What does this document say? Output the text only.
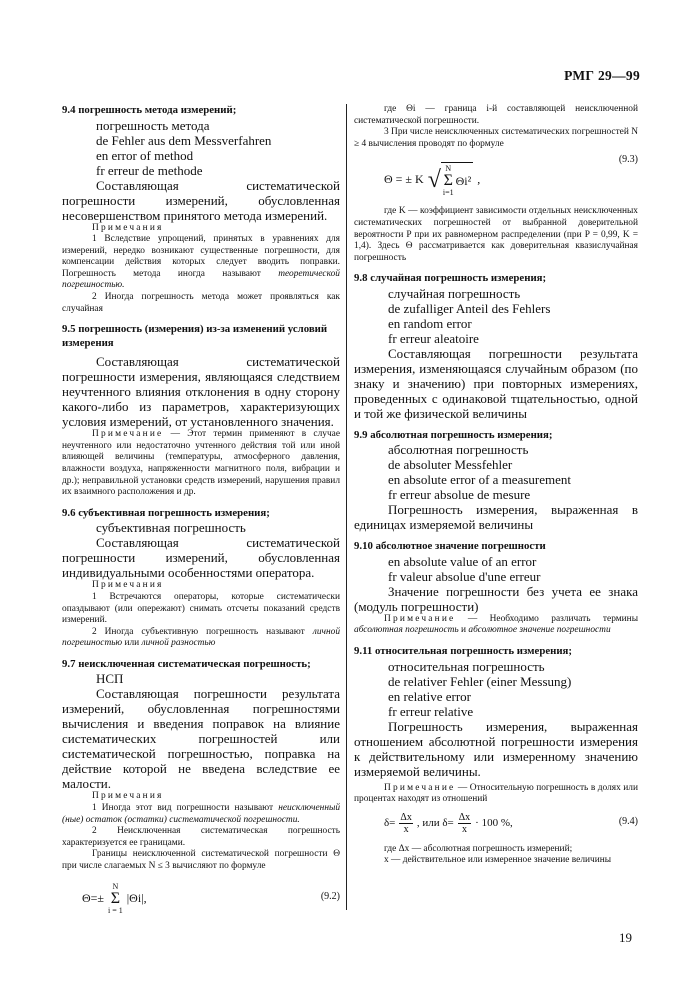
РМГ 29—99

9.4 погрешность метода измерений;

погрешность метода

de Fehler aus dem Messverfahren

en error of method

fr erreur de methode

Составляющая систематической погрешности измерений, обусловленная несовершенством принятого метода измерений.

Примечания

1 Вследствие упрощений, принятых в уравнениях для измерений, нередко возникают существенные погрешности, для компенсации действия которых следует вводить поправки. Погрешность метода иногда называют теоретической погрешностью.

2 Иногда погрешность метода может проявляться как случайная

9.5 погрешность (измерения) из-за изменений условий измерения

Составляющая систематической погрешности измерения, являющаяся следствием неучтенного влияния отклонения в одну сторону какого-либо из параметров, характеризующих условия измерений, от установленного значения.

Примечание — Этот термин применяют в случае неучтенного или недостаточно учтенного действия той или иной влияющей величины (температуры, атмосферного давления, влажности воздуха, напряженности магнитного поля, вибрации и др.); неправильной установки средств измерений, нарушения правил их взаимного расположения и др.

9.6 субъективная погрешность измерения;

субъективная погрешность

Составляющая систематической погрешности измерений, обусловленная индивидуальными особенностями оператора.

Примечания

1 Встречаются операторы, которые систематически опаздывают (или опережают) снимать отсчеты показаний средств измерений.

2 Иногда субъективную погрешность называют личной погрешностью или личной разностью

9.7 неисключенная систематическая погрешность;

НСП

Составляющая погрешности результата измерений, обусловленная погрешностями вычисления и введения поправок на влияние систематических погрешностей или систематической погрешностью, поправка на действие которой не введена вследствие ее малости.

Примечания

1 Иногда этот вид погрешности называют неисключенный (ные) остаток (остатки) систематической погрешности.

2 Неисключенная систематическая погрешность характеризуется ее границами.

Границы неисключенной систематической погрешности Θ при числе слагаемых N ≤ 3 вычисляют по формуле

Θ=±
N
Σ
i = 1
|Θi|,	(9.2)

где Θi — граница i-й составляющей неисключенной систематической погрешности.

3 При числе неисключенных систематических погрешностей N ≥ 4 вычисления проводят по формуле

Θ = ± K √ N
Σ
i=1
Θi² ,
(9.3)

где K — коэффициент зависимости отдельных неисключенных систематических погрешностей от выбранной доверительной вероятности P при их равномерном распределении (при P = 0,99, K = 1,4). Здесь Θ рассматривается как доверительная квазислучайная погрешность

9.8 случайная погрешность измерения;

случайная погрешность

de zufalliger Anteil des Fehlers

en random error

fr erreur aleatoire

Составляющая погрешности результата измерения, изменяющаяся случайным образом (по знаку и значению) при повторных измерениях, проведенных с одинаковой тщательностью, одной и той же физической величины

9.9 абсолютная погрешность измерения;

абсолютная погрешность

de absoluter Messfehler

en absolute error of a measurement

fr erreur absolue de mesure

Погрешность измерения, выраженная в единицах измеряемой величины

9.10 абсолютное значение погрешности

en absolute value of an error

fr valeur absolue d'une erreur

Значение погрешности без учета ее знака (модуль погрешности)

Примечание — Необходимо различать термины абсолютная погрешность и абсолютное значение погрешности

9.11 относительная погрешность измерения;

относительная погрешность

de relativer Fehler (einer Messung)

en relative error

fr erreur relative

Погрешность измерения, выраженная отношением абсолютной погрешности измерения к действительному или измеренному значению измеряемой величины.

Примечание — Относительную погрешность в долях или процентах находят из отношений

$\delta= \frac{\Delta x}{x}$ , или $\delta= \frac{\Delta x}{x} \cdot 100$ %,	(9.4)

где Δx — абсолютная погрешность измерений;

x — действительное или измеренное значение величины

19
